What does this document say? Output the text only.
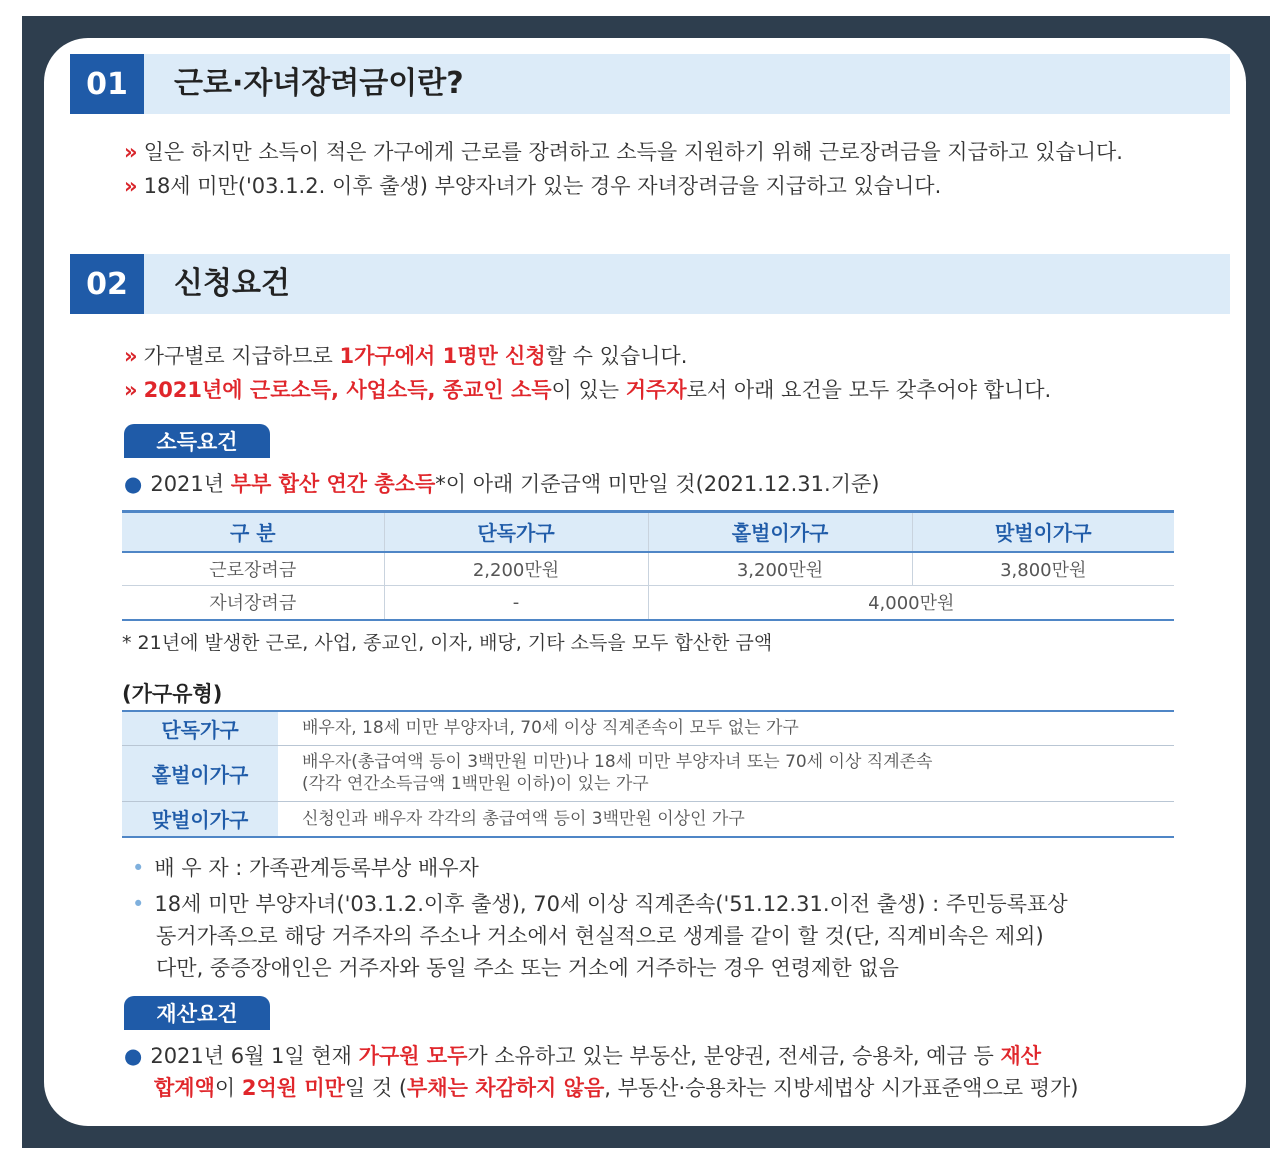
01	근로·자녀장려금이란?
» 일은 하지만 소득이 적은 가구에게 근로를 장려하고 소득을 지원하기 위해 근로장려금을 지급하고 있습니다.
» 18세 미만('03.1.2. 이후 출생) 부양자녀가 있는 경우 자녀장려금을 지급하고 있습니다.
02	신청요건
» 가구별로 지급하므로 1가구에서 1명만 신청할 수 있습니다.
» 2021년에 근로소득, 사업소득, 종교인 소득이 있는 거주자로서 아래 요건을 모두 갖추어야 합니다.
소득요건
● 2021년 부부 합산 연간 총소득*이 아래 기준금액 미만일 것(2021.12.31.기준)
구 분	단독가구	홑벌이가구	맞벌이가구
근로장려금	2,200만원	3,200만원	3,800만원
자녀장려금	-	4,000만원	
* 21년에 발생한 근로, 사업, 종교인, 이자, 배당, 기타 소득을 모두 합산한 금액
(가구유형)
단독가구	배우자, 18세 미만 부양자녀, 70세 이상 직계존속이 모두 없는 가구
홑벌이가구	배우자(총급여액 등이 3백만원 미만)나 18세 미만 부양자녀 또는 70세 이상 직계존속
(각각 연간소득금액 1백만원 이하)이 있는 가구

맞벌이가구	신청인과 배우자 각각의 총급여액 등이 3백만원 이상인 가구
• 배 우 자 : 가족관계등록부상 배우자
• 18세 미만 부양자녀('03.1.2.이후 출생), 70세 이상 직계존속('51.12.31.이전 출생) : 주민등록표상
동거가족으로 해당 거주자의 주소나 거소에서 현실적으로 생계를 같이 할 것(단, 직계비속은 제외)
다만, 중증장애인은 거주자와 동일 주소 또는 거소에 거주하는 경우 연령제한 없음
재산요건
● 2021년 6월 1일 현재 가구원 모두가 소유하고 있는 부동산, 분양권, 전세금, 승용차, 예금 등 재산
합계액이 2억원 미만일 것 (부채는 차감하지 않음, 부동산·승용차는 지방세법상 시가표준액으로 평가)
